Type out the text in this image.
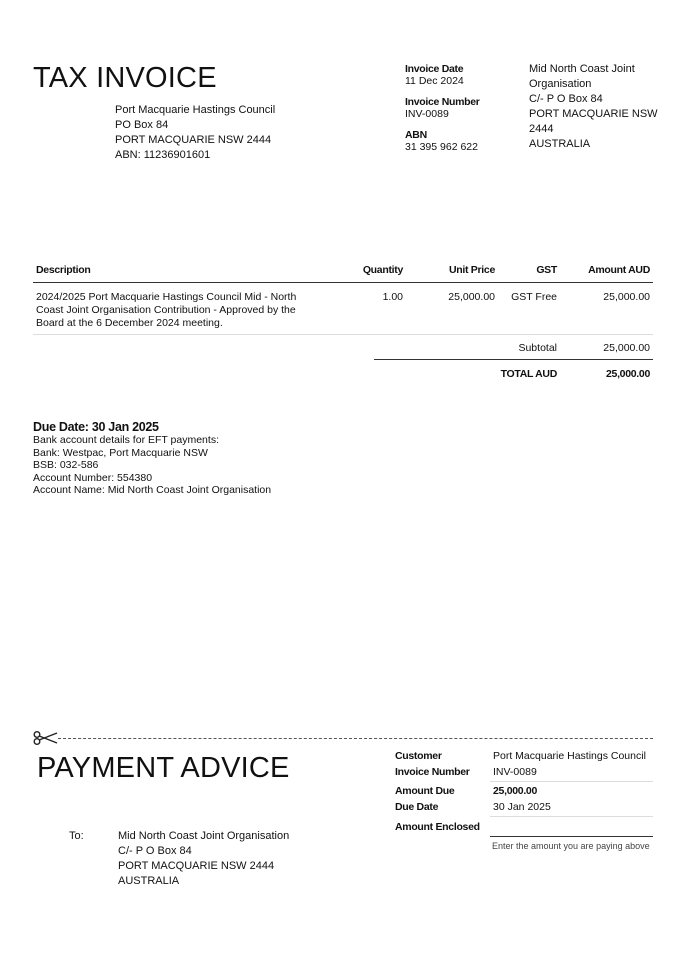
TAX INVOICE
Port Macquarie Hastings Council
PO Box 84
PORT MACQUARIE NSW 2444
ABN: 11236901601
Invoice Date
11 Dec 2024
Invoice Number
INV-0089
ABN
31 395 962 622
Mid North Coast Joint
Organisation
C/- P O Box 84
PORT MACQUARIE NSW
2444
AUSTRALIA
Description	Quantity	Unit Price	GST	Amount AUD
2024/2025 Port Macquarie Hastings Council Mid - North
Coast Joint Organisation Contribution - Approved by the
Board at the 6 December 2024 meeting.
1.00	25,000.00	GST Free	25,000.00
Subtotal	25,000.00
TOTAL AUD	25,000.00
Due Date: 30 Jan 2025
Bank account details for EFT payments:
Bank: Westpac, Port Macquarie NSW
BSB: 032-586
Account Number: 554380
Account Name: Mid North Coast Joint Organisation
PAYMENT ADVICE
To:	Mid North Coast Joint Organisation
C/- P O Box 84
PORT MACQUARIE NSW 2444
AUSTRALIA
Customer	Port Macquarie Hastings Council
Invoice Number INV-0089
Amount Due	25,000.00
Due Date	30 Jan 2025
Amount Enclosed
Enter the amount you are paying above
